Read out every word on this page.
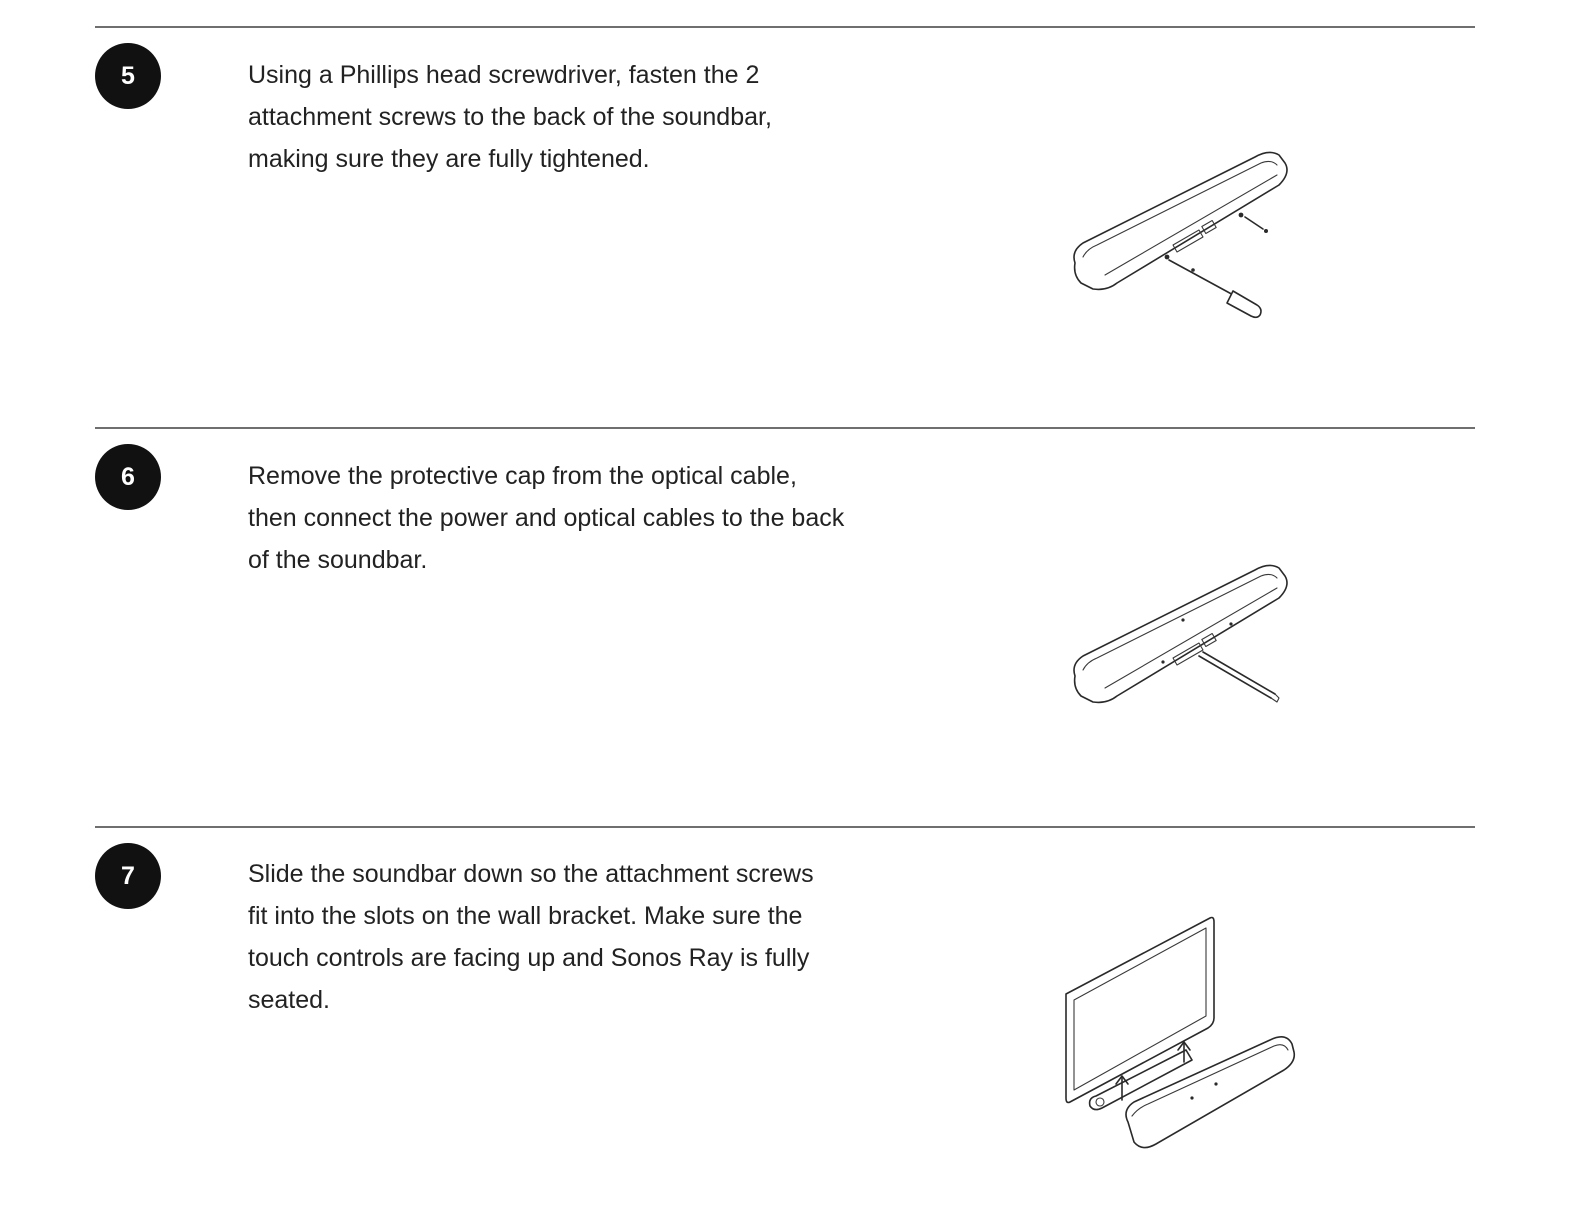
5	Using a Phillips head screwdriver, fasten the 2 attachment screws to the back of the soundbar, making sure they are fully tightened.

6	Remove the protective cap from the optical cable, then connect the power and optical cables to the back of the soundbar.

7	Slide the soundbar down so the attachment screws fit into the slots on the wall bracket. Make sure the touch controls are facing up and Sonos Ray is fully seated.
